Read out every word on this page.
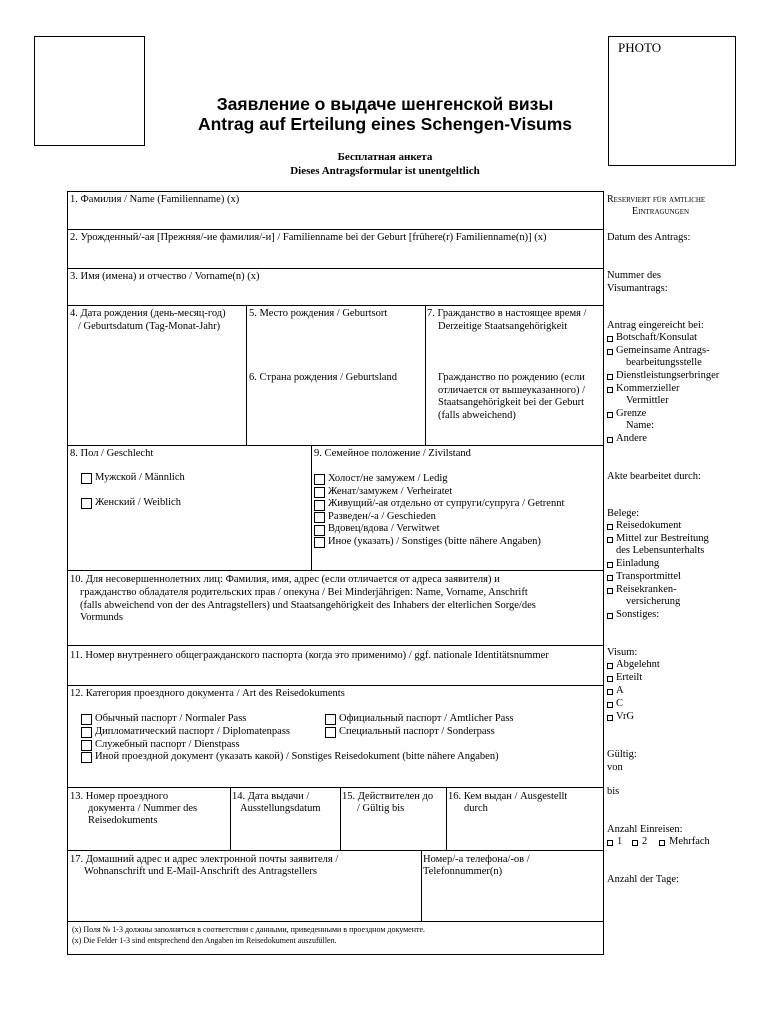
PHOTO
Заявление о выдаче шенгенской визы
Antrag auf Erteilung eines Schengen-Visums
Бесплатная анкета
Dieses Antragsformular ist unentgeltlich
1. Фамилия / Name (Familienname) (x)
2. Урожденный/-ая [Прежняя/-ие фамилия/-и] / Familienname bei der Geburt [frühere(r) Familienname(n)] (x)
3. Имя (имена) и отчество / Vorname(n) (x)
4. Дата рождения (день-месяц-год)
/ Geburtsdatum (Tag-Monat-Jahr)
5. Место рождения / Geburtsort
6. Страна рождения / Geburtsland
7. Гражданство в настоящее время /
Derzeitige Staatsangehörigkeit
Гражданство по рождению (если
отличается от вышеуказанного) /
Staatsangehörigkeit bei der Geburt
(falls abweichend)
8. Пол / Geschlecht
Мужской / Männlich
Женский / Weiblich
9. Семейное положение / Zivilstand
Холост/не замужем / Ledig
Женат/замужем / Verheiratet
Живущий/-ая отдельно от супруги/супруга / Getrennt
Разведен/-а / Geschieden
Вдовец/вдова / Verwitwet
Иное (указать) / Sonstiges (bitte nähere Angaben)
10. Для несовершеннолетних лиц: Фамилия, имя, адрес (если отличается от адреса заявителя) и
гражданство обладателя родительских прав / опекуна / Bei Minderjährigen: Name, Vorname, Anschrift
(falls abweichend von der des Antragstellers) und Staatsangehörigkeit des Inhabers der elterlichen Sorge/des
Vormunds
11. Номер внутреннего общегражданского паспорта (когда это применимо) / ggf. nationale Identitätsnummer
12. Категория проездного документа / Art des Reisedokuments
Обычный паспорт / Normaler Pass	Официальный паспорт / Amtlicher Pass
Дипломатический паспорт / Diplomatenpass	Специальный паспорт / Sonderpass
Служебный паспорт / Dienstpass
Иной проездной документ (указать какой) / Sonstiges Reisedokument (bitte nähere Angaben)
13. Номер проездного
документа / Nummer des
Reisedokuments
14. Дата выдачи /
Ausstellungsdatum
15. Действителен до
/ Gültig bis
16. Кем выдан / Ausgestellt
durch
17. Домашний адрес и адрес электронной почты заявителя /
Wohnanschrift und E-Mail-Anschrift des Antragstellers
Номер/-а телефона/-ов /
Telefonnummer(n)
(x) Поля № 1-3 должны заполняться в соответствии с данными, приведенными в проездном документе.
(x) Die Felder 1-3 sind entsprechend den Angaben im Reisedokument auszufüllen.
Reserviert für amtliche
Eintragungen
Datum des Antrags:
Nummer des
Visumantrags:
Antrag eingereicht bei:
Botschaft/Konsulat
Gemeinsame Antrags-
bearbeitungsstelle
Dienstleistungserbringer
Kommerzieller
Vermittler
Grenze
Name:
Andere
Akte bearbeitet durch:
Belege:
Reisedokument
Mittel zur Bestreitung
des Lebensunterhalts
Einladung
Transportmittel
Reisekranken-
versicherung
Sonstiges:
Visum:
Abgelehnt
Erteilt
A
C
VrG
Gültig:
von
bis
Anzahl Einreisen:
1 2 Mehrfach
Anzahl der Tage:
